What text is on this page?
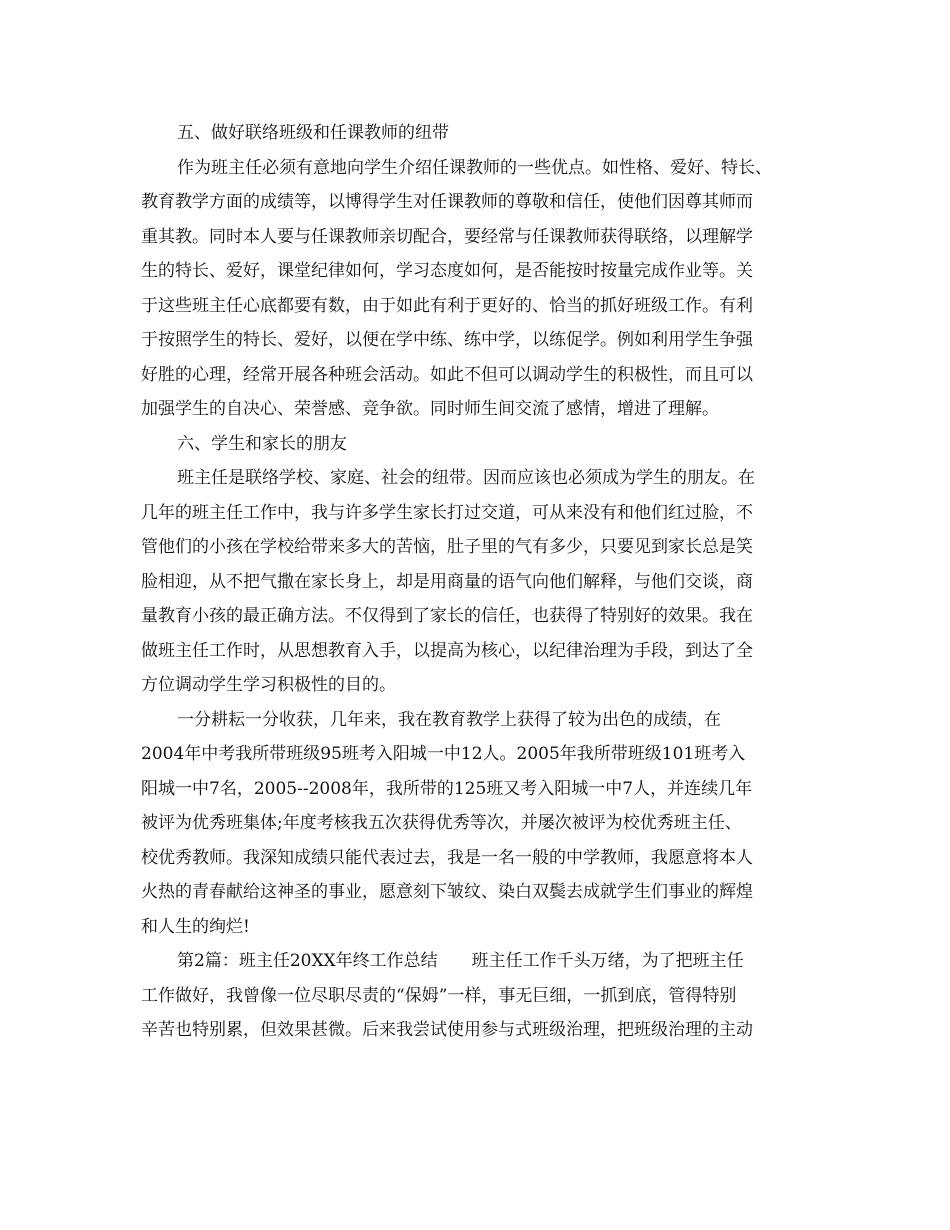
五、做好联络班级和任课教师的纽带
作为班主任必须有意地向学生介绍任课教师的一些优点。如性格、爱好、特长、
教育教学方面的成绩等，以博得学生对任课教师的尊敬和信任，使他们因尊其师而
重其教。同时本人要与任课教师亲切配合，要经常与任课教师获得联络，以理解学
生的特长、爱好，课堂纪律如何，学习态度如何，是否能按时按量完成作业等。关
于这些班主任心底都要有数，由于如此有利于更好的、恰当的抓好班级工作。有利
于按照学生的特长、爱好，以便在学中练、练中学，以练促学。例如利用学生争强
好胜的心理，经常开展各种班会活动。如此不但可以调动学生的积极性，而且可以
加强学生的自决心、荣誉感、竞争欲。同时师生间交流了感情，增进了理解。
六、学生和家长的朋友
班主任是联络学校、家庭、社会的纽带。因而应该也必须成为学生的朋友。在
几年的班主任工作中，我与许多学生家长打过交道，可从来没有和他们红过脸，不
管他们的小孩在学校给带来多大的苦恼，肚子里的气有多少，只要见到家长总是笑
脸相迎，从不把气撒在家长身上，却是用商量的语气向他们解释，与他们交谈，商
量教育小孩的最正确方法。不仅得到了家长的信任，也获得了特别好的效果。我在
做班主任工作时，从思想教育入手，以提高为核心，以纪律治理为手段，到达了全
方位调动学生学习积极性的目的。
一分耕耘一分收获，几年来，我在教育教学上获得了较为出色的成绩，在
2004年中考我所带班级95班考入阳城一中12人。2005年我所带班级101班考入
阳城一中7名，2005--2008年，我所带的125班又考入阳城一中7人，并连续几年
被评为优秀班集体;年度考核我五次获得优秀等次，并屡次被评为校优秀班主任、
校优秀教师。我深知成绩只能代表过去，我是一名一般的中学教师，我愿意将本人
火热的青春献给这神圣的事业，愿意刻下皱纹、染白双鬓去成就学生们事业的辉煌
和人生的绚烂!
第2篇：班主任20XX年终工作总结　　班主任工作千头万绪，为了把班主任
工作做好，我曾像一位尽职尽责的“保姆”一样，事无巨细，一抓到底，管得特别
辛苦也特别累，但效果甚微。后来我尝试使用参与式班级治理，把班级治理的主动
